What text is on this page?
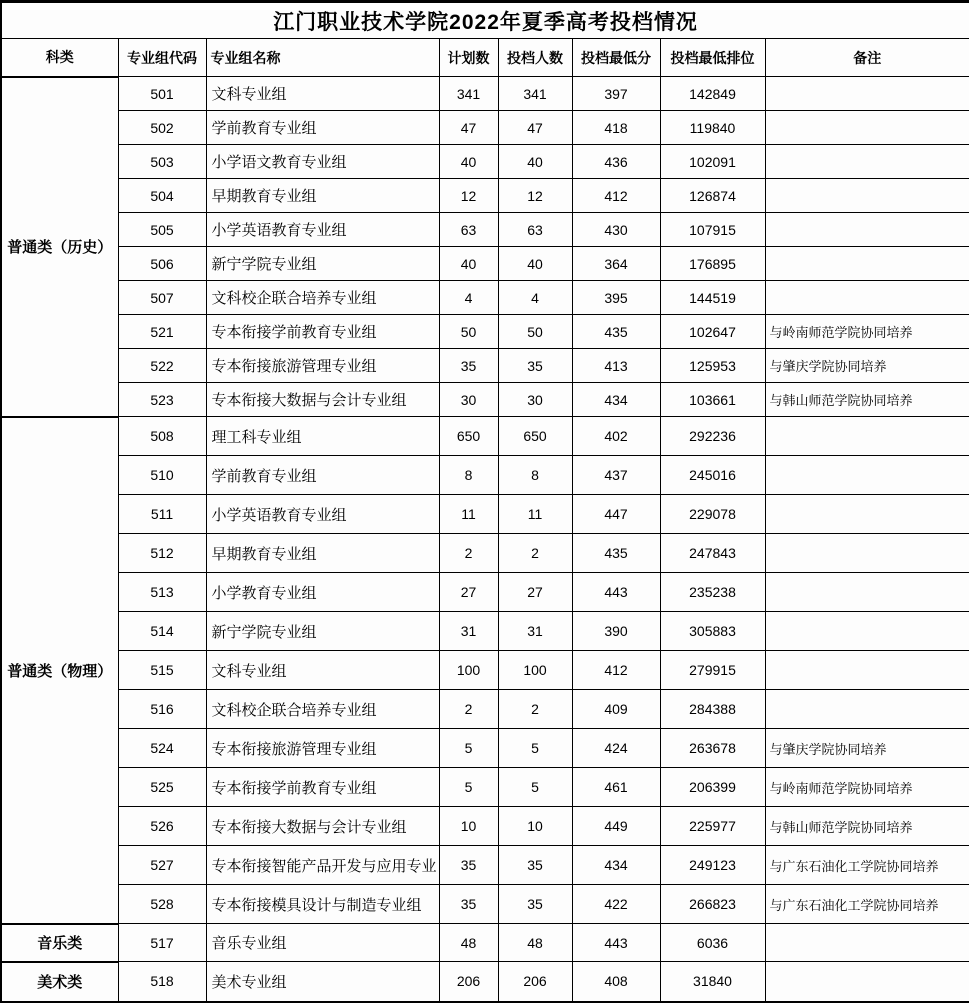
江门职业技术学院2022年夏季高考投档情况							
科类	专业组代码	专业组名称	计划数	投档人数	投档最低分	投档最低排位	备注
普通类（历史）	501	文科专业组	341	341	397	142849	
	502	学前教育专业组	47	47	418	119840	
	503	小学语文教育专业组	40	40	436	102091	
	504	早期教育专业组	12	12	412	126874	
	505	小学英语教育专业组	63	63	430	107915	
	506	新宁学院专业组	40	40	364	176895	
	507	文科校企联合培养专业组	4	4	395	144519	
	521	专本衔接学前教育专业组	50	50	435	102647	与岭南师范学院协同培养
	522	专本衔接旅游管理专业组	35	35	413	125953	与肇庆学院协同培养
	523	专本衔接大数据与会计专业组	30	30	434	103661	与韩山师范学院协同培养
普通类（物理）	508	理工科专业组	650	650	402	292236	
	510	学前教育专业组	8	8	437	245016	
	511	小学英语教育专业组	11	11	447	229078	
	512	早期教育专业组	2	2	435	247843	
	513	小学教育专业组	27	27	443	235238	
	514	新宁学院专业组	31	31	390	305883	
	515	文科专业组	100	100	412	279915	
	516	文科校企联合培养专业组	2	2	409	284388	
	524	专本衔接旅游管理专业组	5	5	424	263678	与肇庆学院协同培养
	525	专本衔接学前教育专业组	5	5	461	206399	与岭南师范学院协同培养
	526	专本衔接大数据与会计专业组	10	10	449	225977	与韩山师范学院协同培养
	527	专本衔接智能产品开发与应用专业	35	35	434	249123	与广东石油化工学院协同培养
	528	专本衔接模具设计与制造专业组	35	35	422	266823	与广东石油化工学院协同培养
音乐类	517	音乐专业组	48	48	443	6036	
美术类	518	美术专业组	206	206	408	31840	
